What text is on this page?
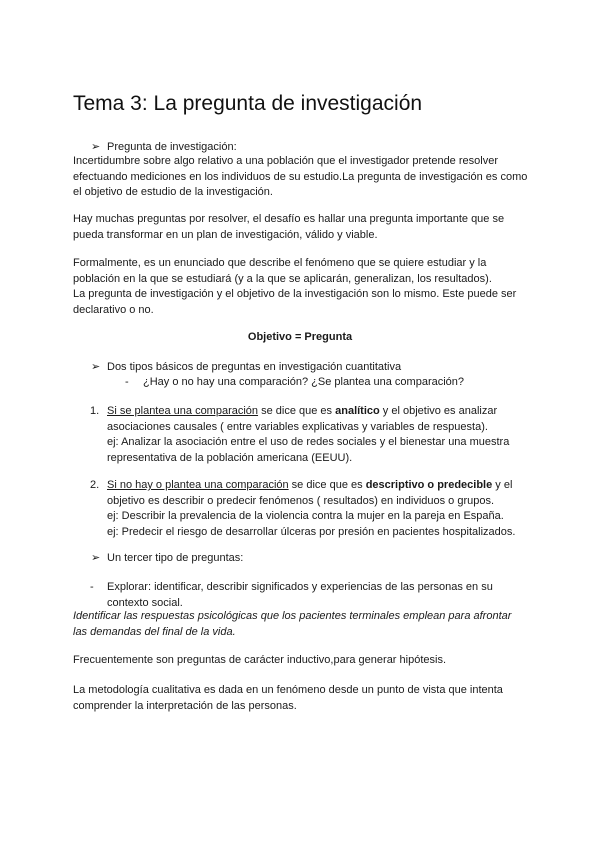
Tema 3: La pregunta de investigación
➢ Pregunta de investigación:

Incertidumbre sobre algo relativo a una población que el investigador pretende resolver efectuando mediciones en los individuos de su estudio.La pregunta de investigación es como el objetivo de estudio de la investigación.

Hay muchas preguntas por resolver, el desafío es hallar una pregunta importante que se pueda transformar en un plan de investigación, válido y viable.

Formalmente, es un enunciado que describe el fenómeno que se quiere estudiar y la población en la que se estudiará (y a la que se aplicarán, generalizan, los resultados).

La pregunta de investigación y el objetivo de la investigación son lo mismo. Este puede ser declarativo o no.

Objetivo = Pregunta
➢ Dos tipos básicos de preguntas en investigación cuantitativa
- ¿Hay o no hay una comparación? ¿Se plantea una comparación?
1. Si se plantea una comparación se dice que es analítico y el objetivo es analizar asociaciones causales ( entre variables explicativas y variables de respuesta).
ej: Analizar la asociación entre el uso de redes sociales y el bienestar una muestra representativa de la población americana (EEUU).

2. Si no hay o plantea una comparación se dice que es descriptivo o predecible y el objetivo es describir o predecir fenómenos ( resultados) en individuos o grupos.
ej: Describir la prevalencia de la violencia contra la mujer en la pareja en España.
ej: Predecir el riesgo de desarrollar úlceras por presión en pacientes hospitalizados.

➢ Un tercer tipo de preguntas:
- Explorar: identificar, describir significados y experiencias de las personas en su contexto social.

Identificar las respuestas psicológicas que los pacientes terminales emplean para afrontar las demandas del final de la vida.

Frecuentemente son preguntas de carácter inductivo,para generar hipótesis.

La metodología cualitativa es dada en un fenómeno desde un punto de vista que intenta comprender la interpretación de las personas.
